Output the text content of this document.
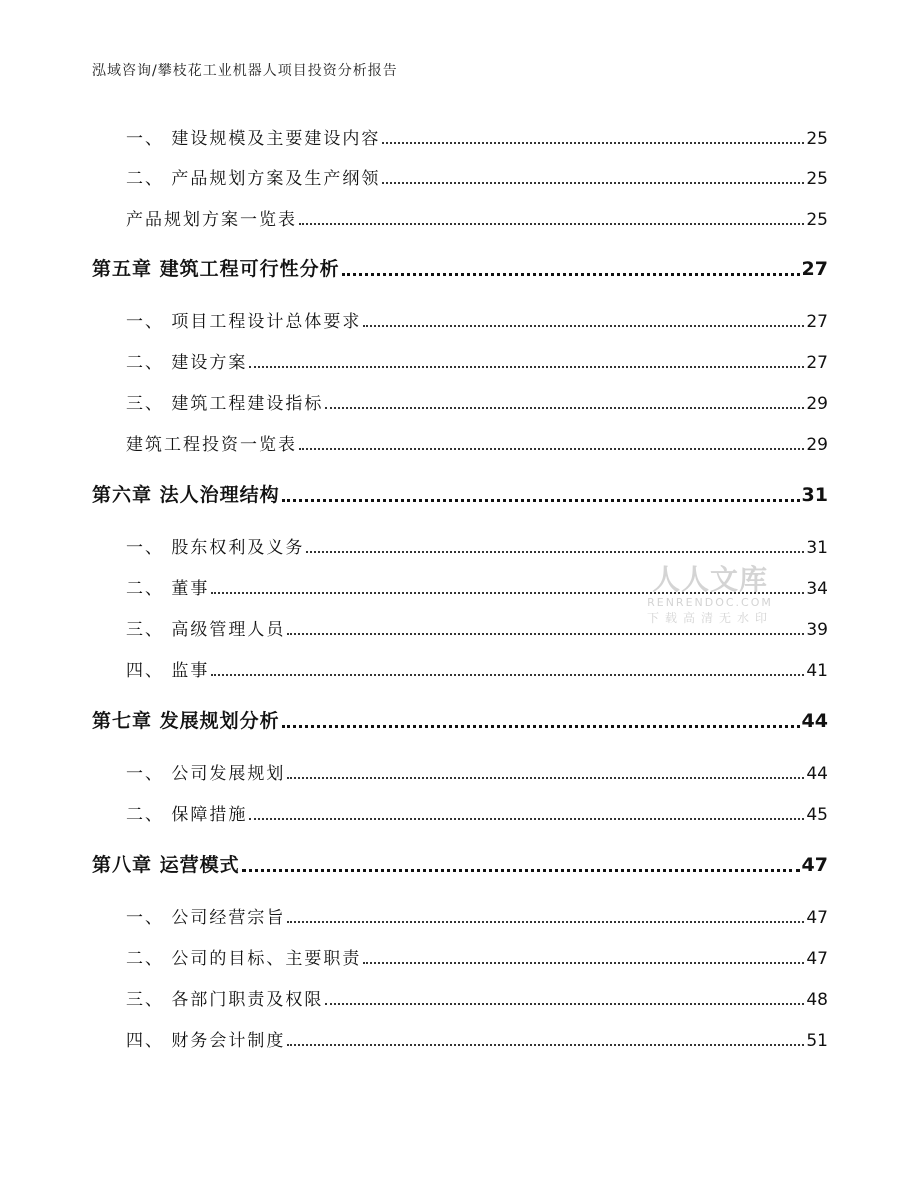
泓域咨询/攀枝花工业机器人项目投资分析报告
一、 建设规模及主要建设内容	25
二、 产品规划方案及生产纲领	25
产品规划方案一览表	25
第五章 建筑工程可行性分析	27
一、 项目工程设计总体要求	27
二、 建设方案	27
三、 建筑工程建设指标	29
建筑工程投资一览表	29
第六章 法人治理结构	31
一、 股东权利及义务	31
二、 董事	34
三、 高级管理人员	39
四、 监事	41
第七章 发展规划分析	44
一、 公司发展规划	44
二、 保障措施	45
第八章 运营模式	47
一、 公司经营宗旨	47
二、 公司的目标、主要职责	47
三、 各部门职责及权限	48
四、 财务会计制度	51
人人文库
RENRENDOC.COM
下载高清无水印
